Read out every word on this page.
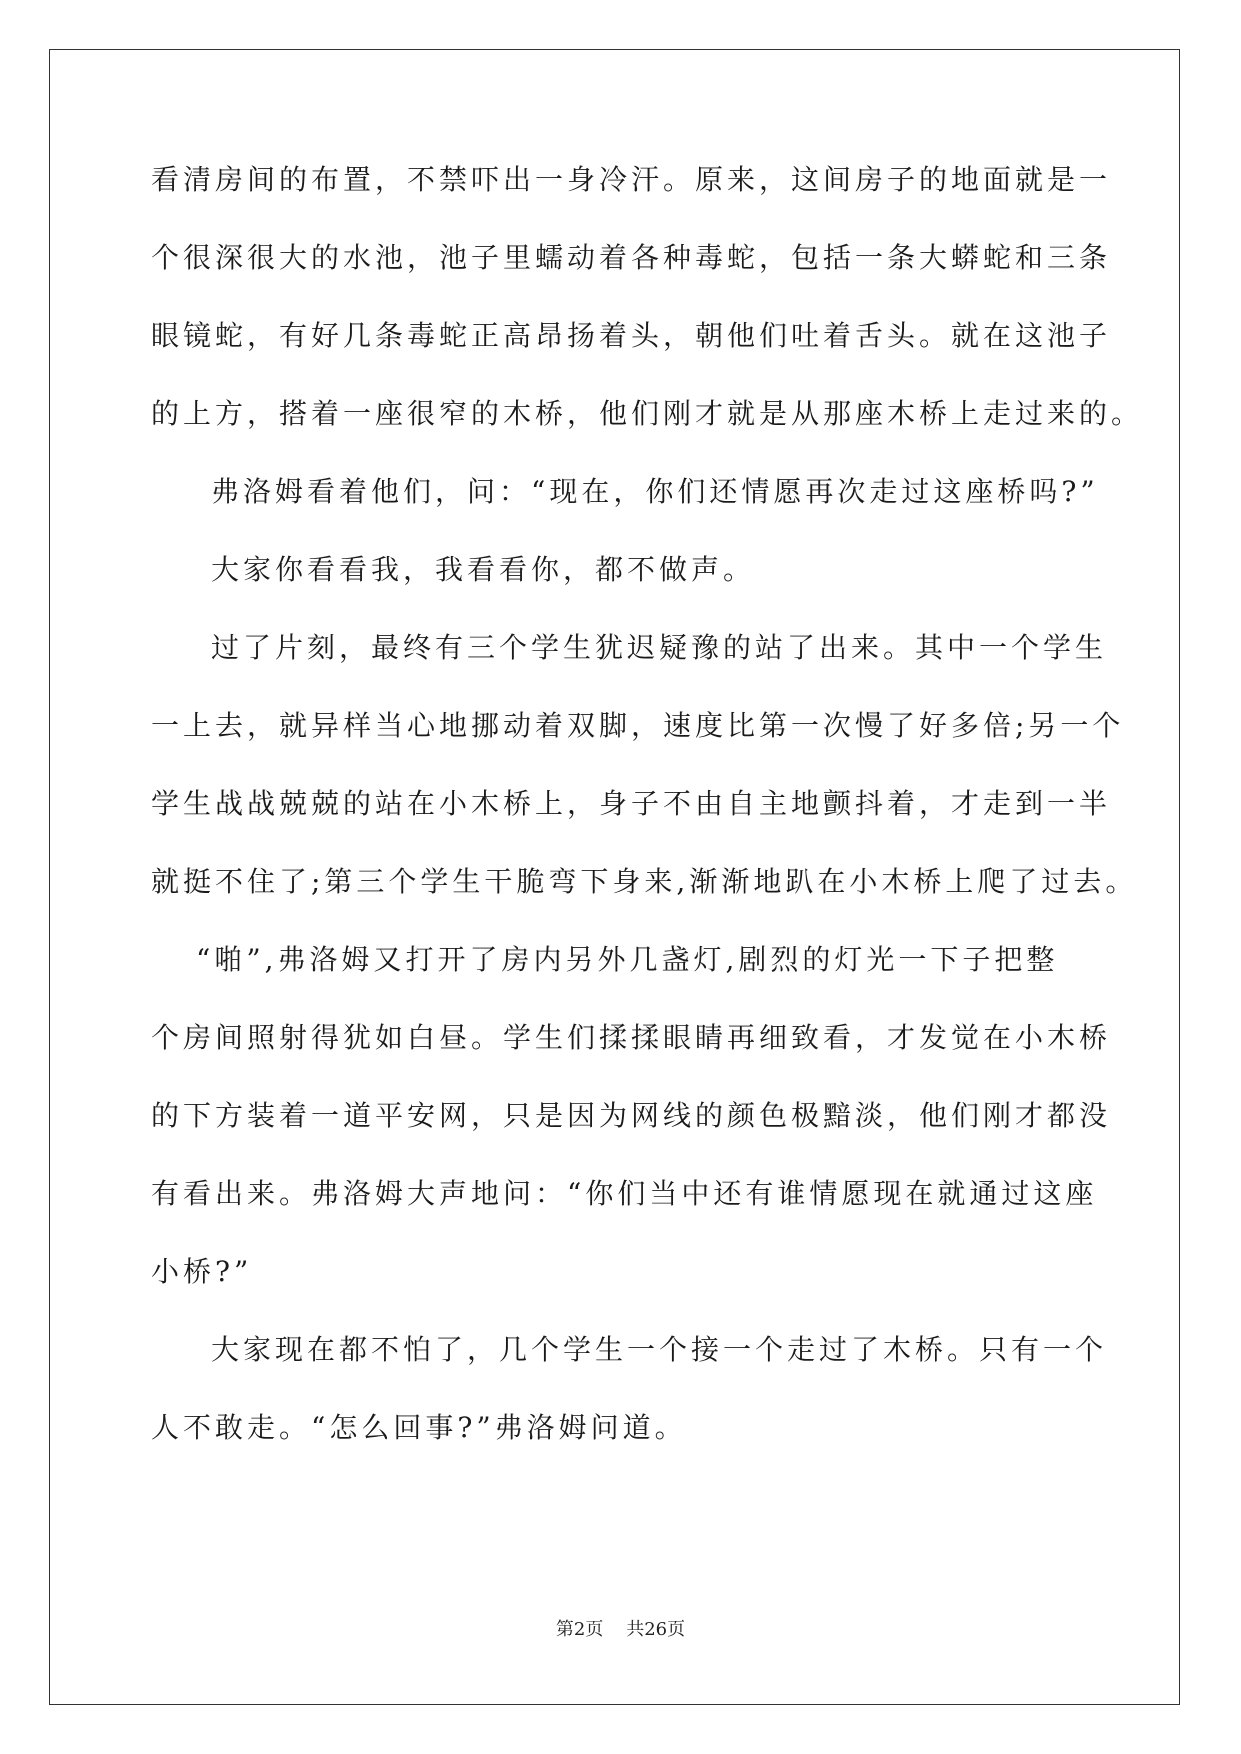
看清房间的布置，不禁吓出一身冷汗。原来，这间房子的地面就是一
个很深很大的水池，池子里蠕动着各种毒蛇，包括一条大蟒蛇和三条
眼镜蛇，有好几条毒蛇正高昂扬着头，朝他们吐着舌头。就在这池子
的上方，搭着一座很窄的木桥，他们刚才就是从那座木桥上走过来的。
弗洛姆看着他们，问：“现在，你们还情愿再次走过这座桥吗?”
大家你看看我，我看看你，都不做声。
过了片刻，最终有三个学生犹迟疑豫的站了出来。其中一个学生
一上去，就异样当心地挪动着双脚，速度比第一次慢了好多倍;另一个
学生战战兢兢的站在小木桥上，身子不由自主地颤抖着，才走到一半
就挺不住了;第三个学生干脆弯下身来,渐渐地趴在小木桥上爬了过去。
“啪”,弗洛姆又打开了房内另外几盏灯,剧烈的灯光一下子把整
个房间照射得犹如白昼。学生们揉揉眼睛再细致看，才发觉在小木桥
的下方装着一道平安网，只是因为网线的颜色极黯淡，他们刚才都没
有看出来。弗洛姆大声地问：“你们当中还有谁情愿现在就通过这座
小桥?”
大家现在都不怕了，几个学生一个接一个走过了木桥。只有一个
人不敢走。“怎么回事?”弗洛姆问道。
第2页 共26页
